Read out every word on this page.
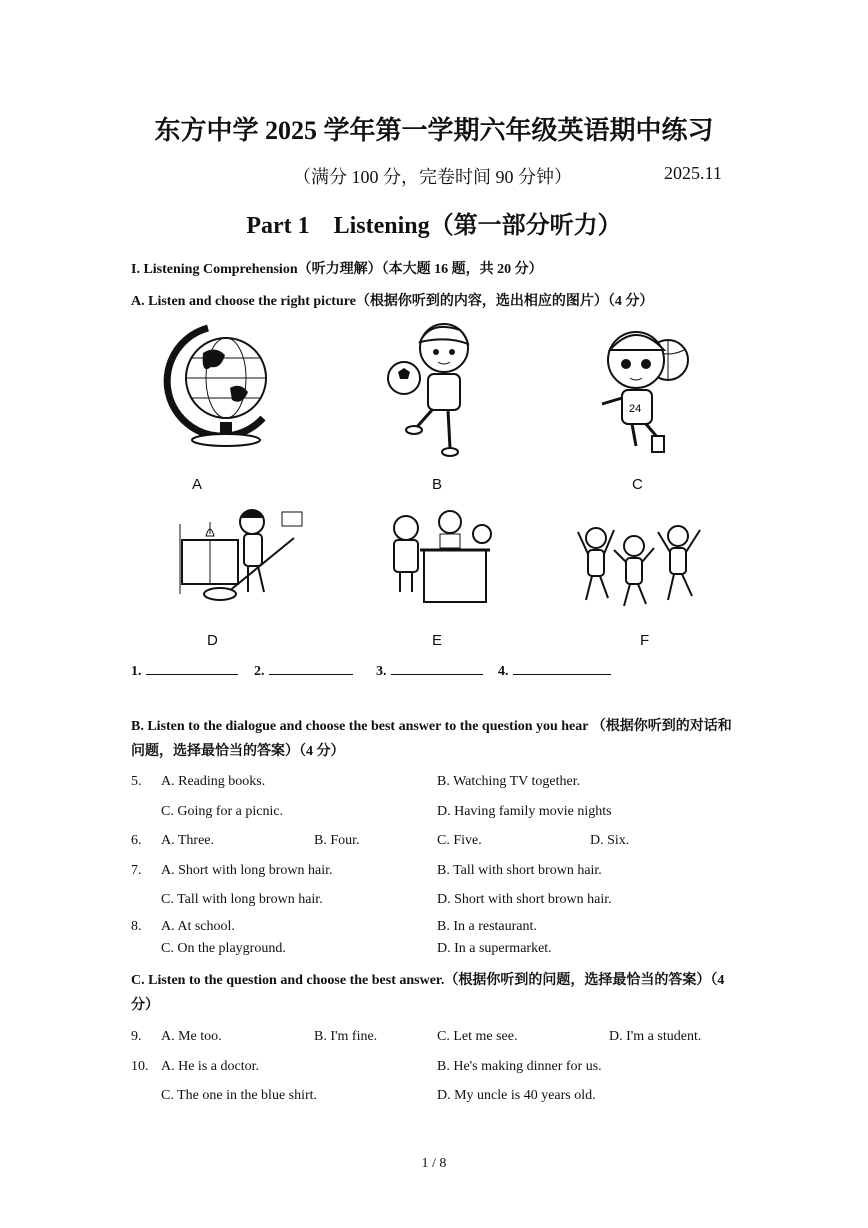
东方中学 2025 学年第一学期六年级英语期中练习
（满分 100 分，完卷时间 90 分钟）	2025.11
Part 1    Listening（第一部分听力）
I. Listening Comprehension（听力理解）（本大题 16 题，共 20 分）
A. Listen and choose the right picture（根据你听到的内容，选出相应的图片）（4 分）
A	B
24
C
D	E	F
1.	2.	3.	4.
B. Listen to the dialogue and choose the best answer to the question you hear （根据你听到的对话和问题，选择最恰当的答案）（4 分）
5. A. Reading books.	B. Watching TV together.
C. Going for a picnic.	D. Having family movie nights
6. A. Three.	B. Four.	C. Five.	D. Six.
7. A. Short with long brown hair.	B. Tall with short brown hair.
C. Tall with long brown hair.	D. Short with short brown hair.
8. A. At school.	B. In a restaurant.
C. On the playground.	D. In a supermarket.
C. Listen to the question and choose the best answer.（根据你听到的问题，选择最恰当的答案）（4 分）
9. A. Me too.	B. I'm fine.	C. Let me see.	D. I'm a student.
10. A. He is a doctor.	B. He's making dinner for us.
C. The one in the blue shirt.	D. My uncle is 40 years old.
1 / 8
